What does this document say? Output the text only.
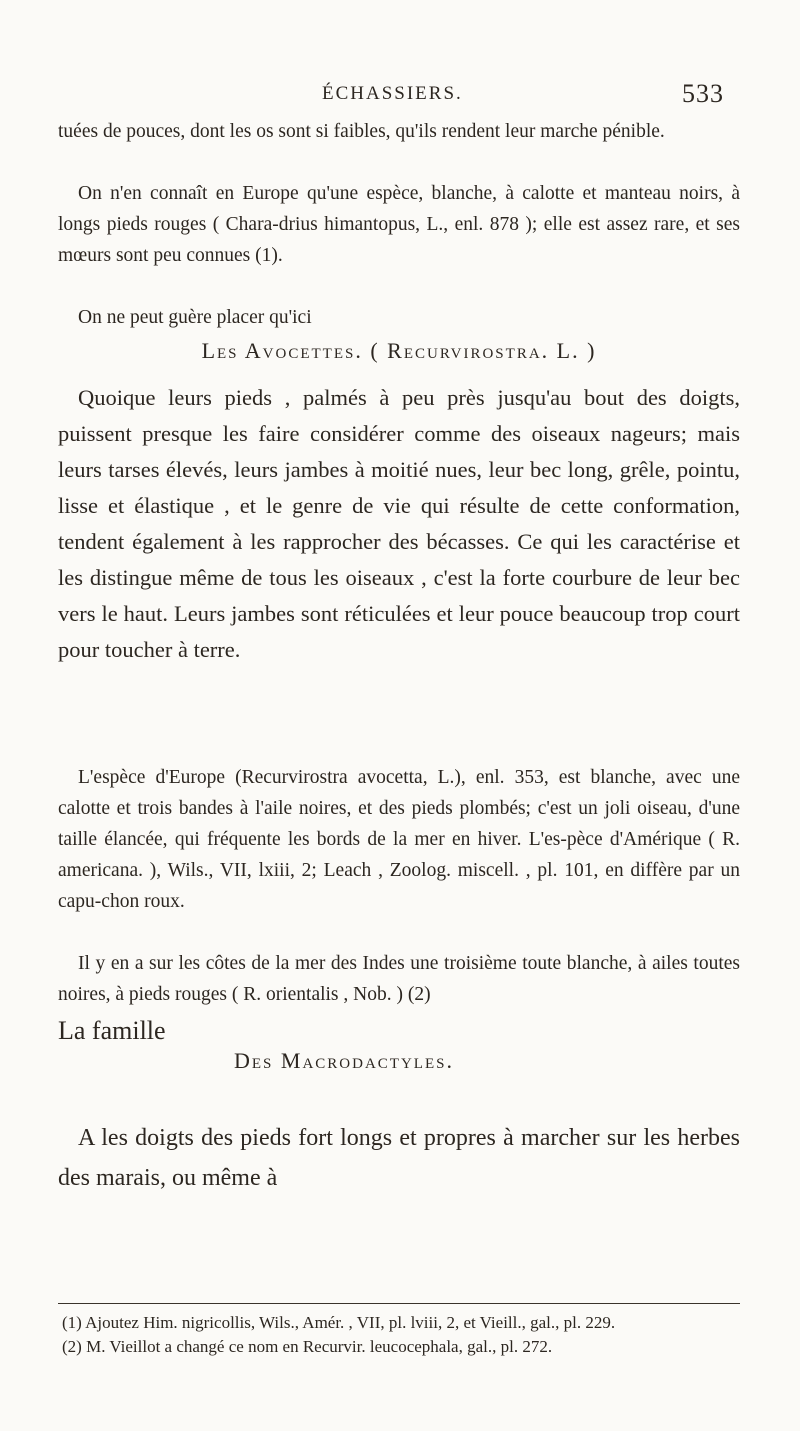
ÉCHASSIERS.	533

tuées de pouces, dont les os sont si faibles, qu'ils rendent leur marche pénible.

On n'en connaît en Europe qu'une espèce, blanche, à calotte et manteau noirs, à longs pieds rouges ( Chara-drius himantopus, L., enl. 878 ); elle est assez rare, et ses mœurs sont peu connues (1).

On ne peut guère placer qu'ici

Les Avocettes. ( Recurvirostra. L. )

Quoique leurs pieds , palmés à peu près jusqu'au bout des doigts, puissent presque les faire considérer comme des oiseaux nageurs; mais leurs tarses élevés, leurs jambes à moitié nues, leur bec long, grêle, pointu, lisse et élastique , et le genre de vie qui résulte de cette conformation, tendent également à les rapprocher des bécasses. Ce qui les caractérise et les distingue même de tous les oiseaux , c'est la forte courbure de leur bec vers le haut. Leurs jambes sont réticulées et leur pouce beaucoup trop court pour toucher à terre.

L'espèce d'Europe (Recurvirostra avocetta, L.), enl. 353, est blanche, avec une calotte et trois bandes à l'aile noires, et des pieds plombés; c'est un joli oiseau, d'une taille élancée, qui fréquente les bords de la mer en hiver. L'es-pèce d'Amérique ( R. americana. ), Wils., VII, lxiii, 2; Leach , Zoolog. miscell. , pl. 101, en diffère par un capu-chon roux.

Il y en a sur les côtes de la mer des Indes une troisième toute blanche, à ailes toutes noires, à pieds rouges ( R. orientalis , Nob. ) (2)

La famille
Des Macrodactyles.

A les doigts des pieds fort longs et propres à marcher sur les herbes des marais, ou même à

(1) Ajoutez Him. nigricollis, Wils., Amér. , VII, pl. lviii, 2, et Vieill., gal., pl. 229.

(2) M. Vieillot a changé ce nom en Recurvir. leucocephala, gal., pl. 272.
